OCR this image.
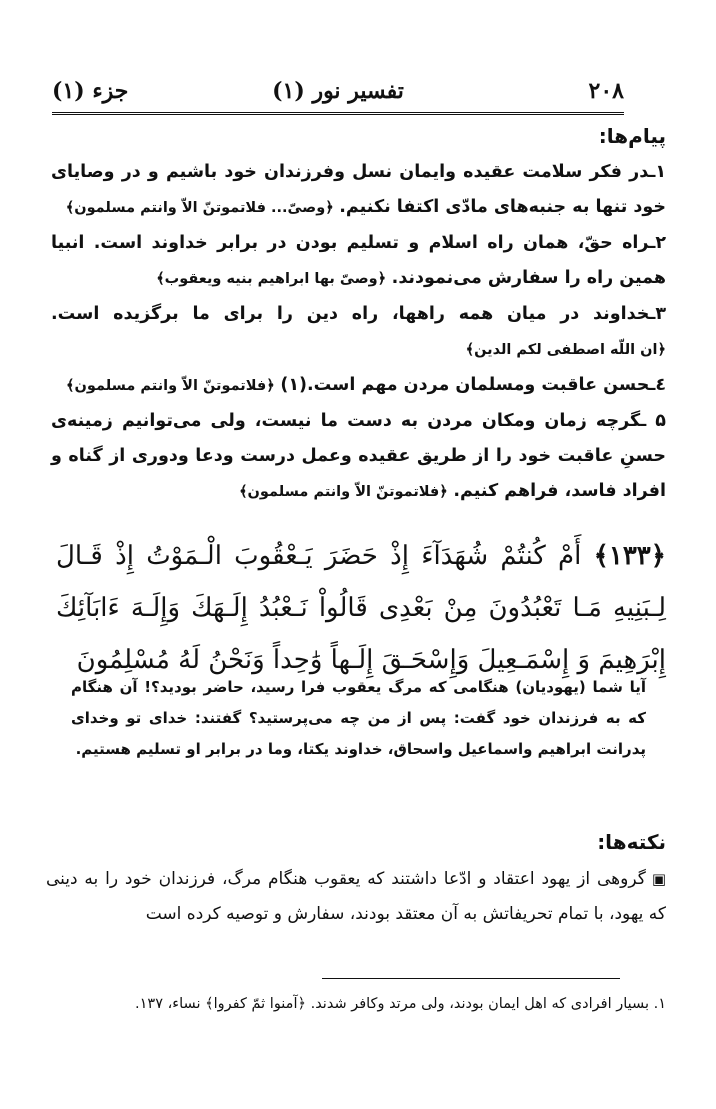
۲۰۸
تفسیر نور (۱)
جزء (۱)
پیام‌ها:

۱ـدر فکر سلامت عقیده وایمان نسل وفرزندان خود باشیم و در وصایای خود تنها به جنبه‌های مادّی اکتفا نکنیم. ﴿وصیّ... فلاتموتنّ الاّ وانتم مسلمون﴾

۲ـراه حقّ، همان راه اسلام و تسلیم بودن در برابر خداوند است. انبیا همین راه را سفارش می‌نمودند. ﴿وصیّ بها ابراهیم بنیه ویعقوب﴾

۳ـخداوند در میان همه راهها، راه دین را برای ما برگزیده است. ﴿ان اللّه اصطفی لکم الدین﴾

٤ـحسن عاقبت ومسلمان مردن مهم است.(۱) ﴿فلاتموتنّ الاّ وانتم مسلمون﴾

۵ ـگرچه زمان ومکان مردن به دست ما نیست، ولی می‌توانیم زمینه‌ی حسنِ عاقبت خود را از طریق عقیده وعمل درست ودعا ودوری از گناه و افراد فاسد، فراهم کنیم. ﴿فلاتموتنّ الاّ وانتم مسلمون﴾

﴿۱۳۳﴾ أَمْ كُنتُمْ شُهَدَآءَ إِذْ حَضَرَ يَـعْقُوبَ الْـمَوْتُ إِذْ قَـالَ لِـبَنِيهِ مَـا تَعْبُدُونَ مِنْ بَعْدِى قَالُواْ نَـعْبُدُ إِلَـهَكَ وَإِلَـهَ ءَابَآئِكَ إِبْرَهِيمَ وَ إِسْمَـعِيلَ وَإِسْحَـقَ إِلَـهاً وَٰحِداً وَنَحْنُ لَهُ مُسْلِمُونَ

آیا شما (یهودیان) هنگامی که مرگ یعقوب فرا رسید، حاضر بودید؟! آن هنگام که به فرزندان خود گفت: پس از من چه می‌پرستید؟ گفتند: خدای تو وخدای پدرانت ابراهیم واسماعیل واسحاق، خداوند یکتا، وما در برابر او تسلیم هستیم.

نکته‌ها:

▣گروهی از یهود اعتقاد و ادّعا داشتند که یعقوب هنگام مرگ، فرزندان خود را به دینی که یهود، با تمام تحریفاتش به آن معتقد بودند، سفارش و توصیه کرده است

۱. بسیار افرادی که اهل ایمان بودند، ولی مرتد وکافر شدند. ﴿آمنوا ثمّ کفروا﴾ نساء، ۱۳۷.
